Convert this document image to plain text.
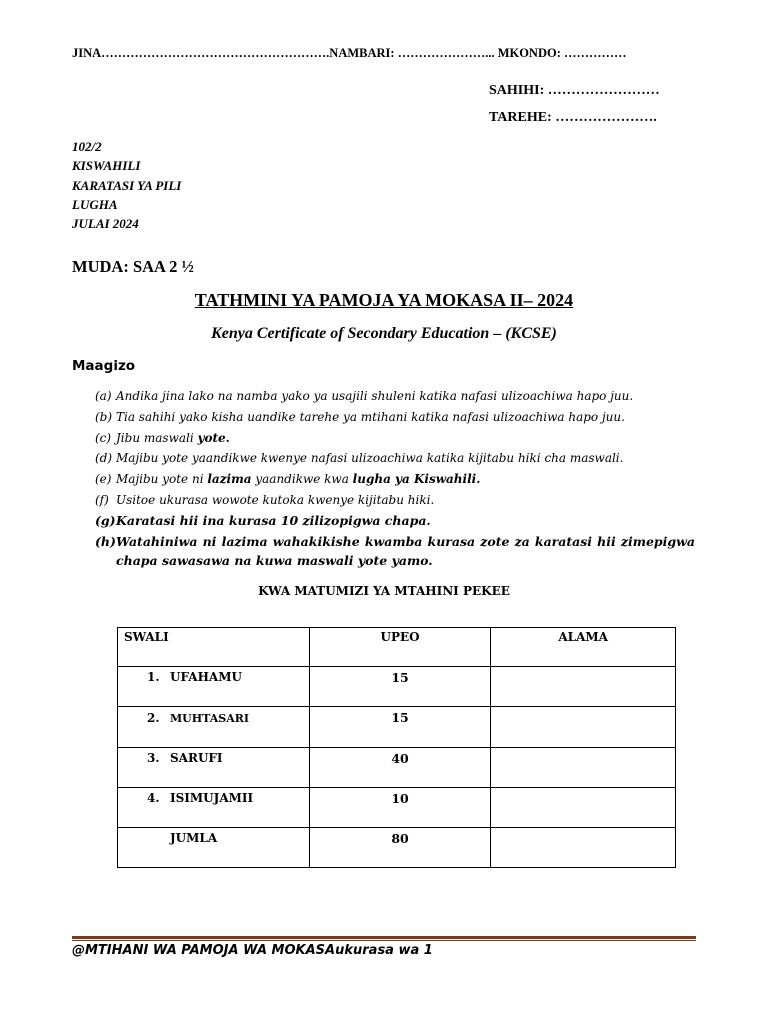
JINA……………………………………………….NAMBARI: …………………... MKONDO: ……………
SAHIHI: ……………………
TAREHE: ………………….
102/2
KISWAHILI
KARATASI YA PILI
LUGHA
JULAI 2024
MUDA: SAA 2 ½
TATHMINI YA PAMOJA YA MOKASA II– 2024
Kenya Certificate of Secondary Education – (KCSE)
Maagizo
(a) Andika jina lako na namba yako ya usajili shuleni katika nafasi ulizoachiwa hapo juu.
(b) Tia sahihi yako kisha uandike tarehe ya mtihani katika nafasi ulizoachiwa hapo juu.
(c) Jibu maswali yote.
(d) Majibu yote yaandikwe kwenye nafasi ulizoachiwa katika kijitabu hiki cha maswali.
(e) Majibu yote ni lazima yaandikwe kwa lugha ya Kiswahili.
(f) Usitoe ukurasa wowote kutoka kwenye kijitabu hiki.
(g) Karatasi hii ina kurasa 10 zilizopigwa chapa.
(h) Watahiniwa ni lazima wahakikishe kwamba kurasa zote za karatasi hii zimepigwa chapa sawasawa na kuwa maswali yote yamo.
KWA MATUMIZI YA MTAHINI PEKEE
SWALI	UPEO	ALAMA
1. UFAHAMU	15	
2. MUHTASARI	15	
3. SARUFI	40	
4. ISIMUJAMII	10	
JUMLA	80	
@MTIHANI WA PAMOJA WA MOKASAukurasa wa 1
